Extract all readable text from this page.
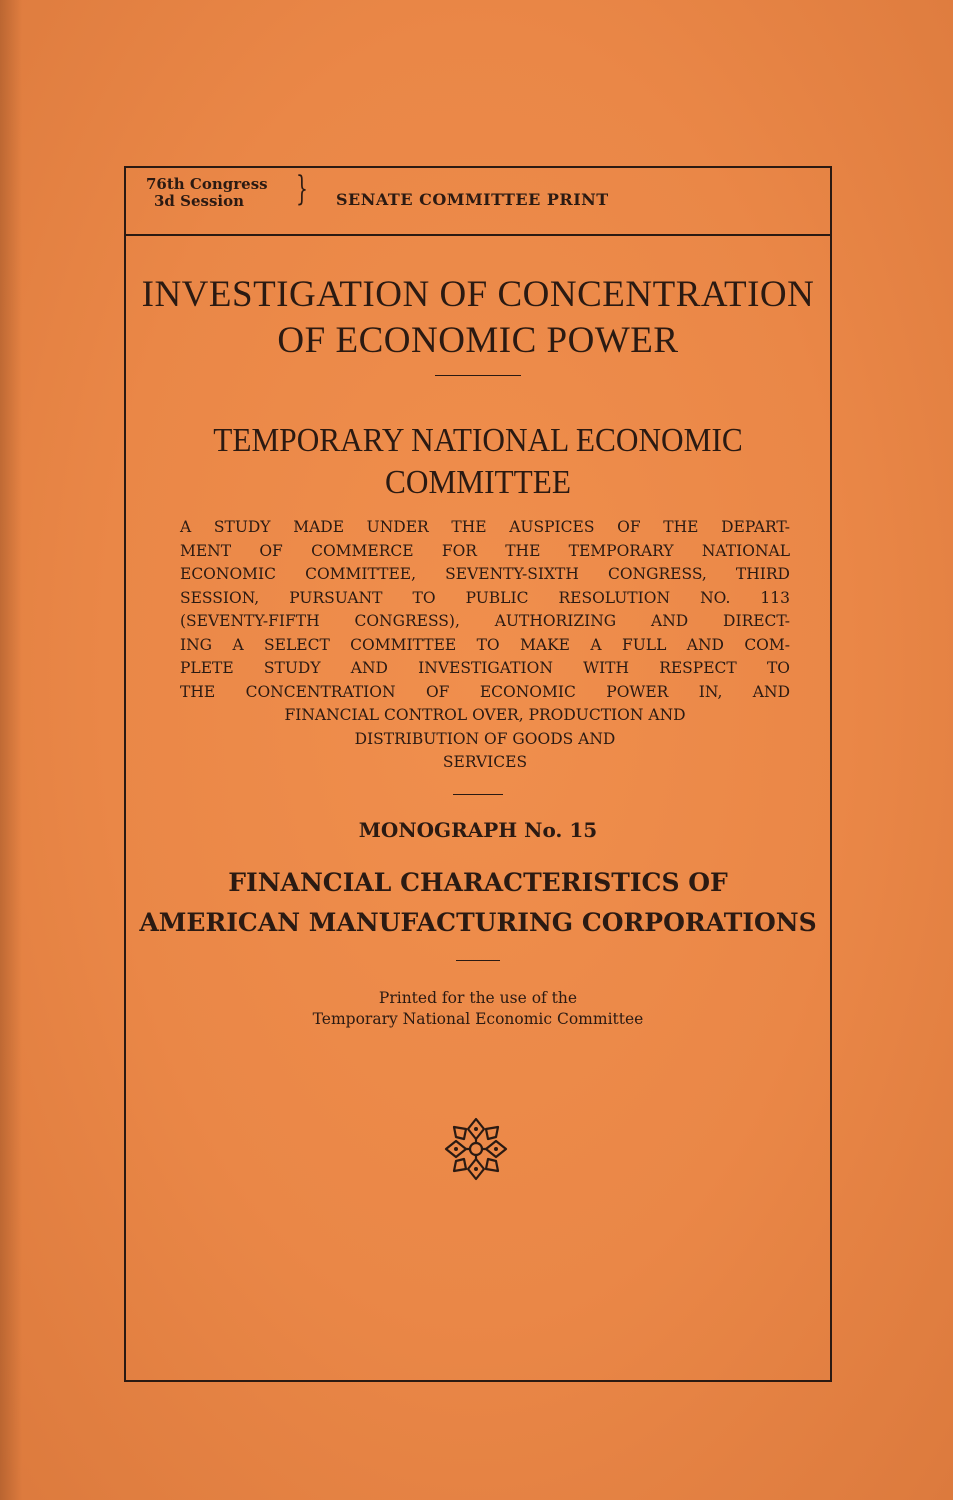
76th Congress
3d Session	} SENATE COMMITTEE PRINT
INVESTIGATION OF CONCENTRATION
OF ECONOMIC POWER
TEMPORARY NATIONAL ECONOMIC
COMMITTEE
A STUDY MADE UNDER THE AUSPICES OF THE DEPART-
MENT OF COMMERCE FOR THE TEMPORARY NATIONAL
ECONOMIC COMMITTEE, SEVENTY-SIXTH CONGRESS, THIRD
SESSION, PURSUANT TO PUBLIC RESOLUTION NO. 113
(SEVENTY-FIFTH CONGRESS), AUTHORIZING AND DIRECT-
ING A SELECT COMMITTEE TO MAKE A FULL AND COM-
PLETE STUDY AND INVESTIGATION WITH RESPECT TO
THE CONCENTRATION OF ECONOMIC POWER IN, AND
FINANCIAL CONTROL OVER, PRODUCTION AND
DISTRIBUTION OF GOODS AND
SERVICES
MONOGRAPH No. 15
FINANCIAL CHARACTERISTICS OF
AMERICAN MANUFACTURING CORPORATIONS
Printed for the use of the
Temporary National Economic Committee
